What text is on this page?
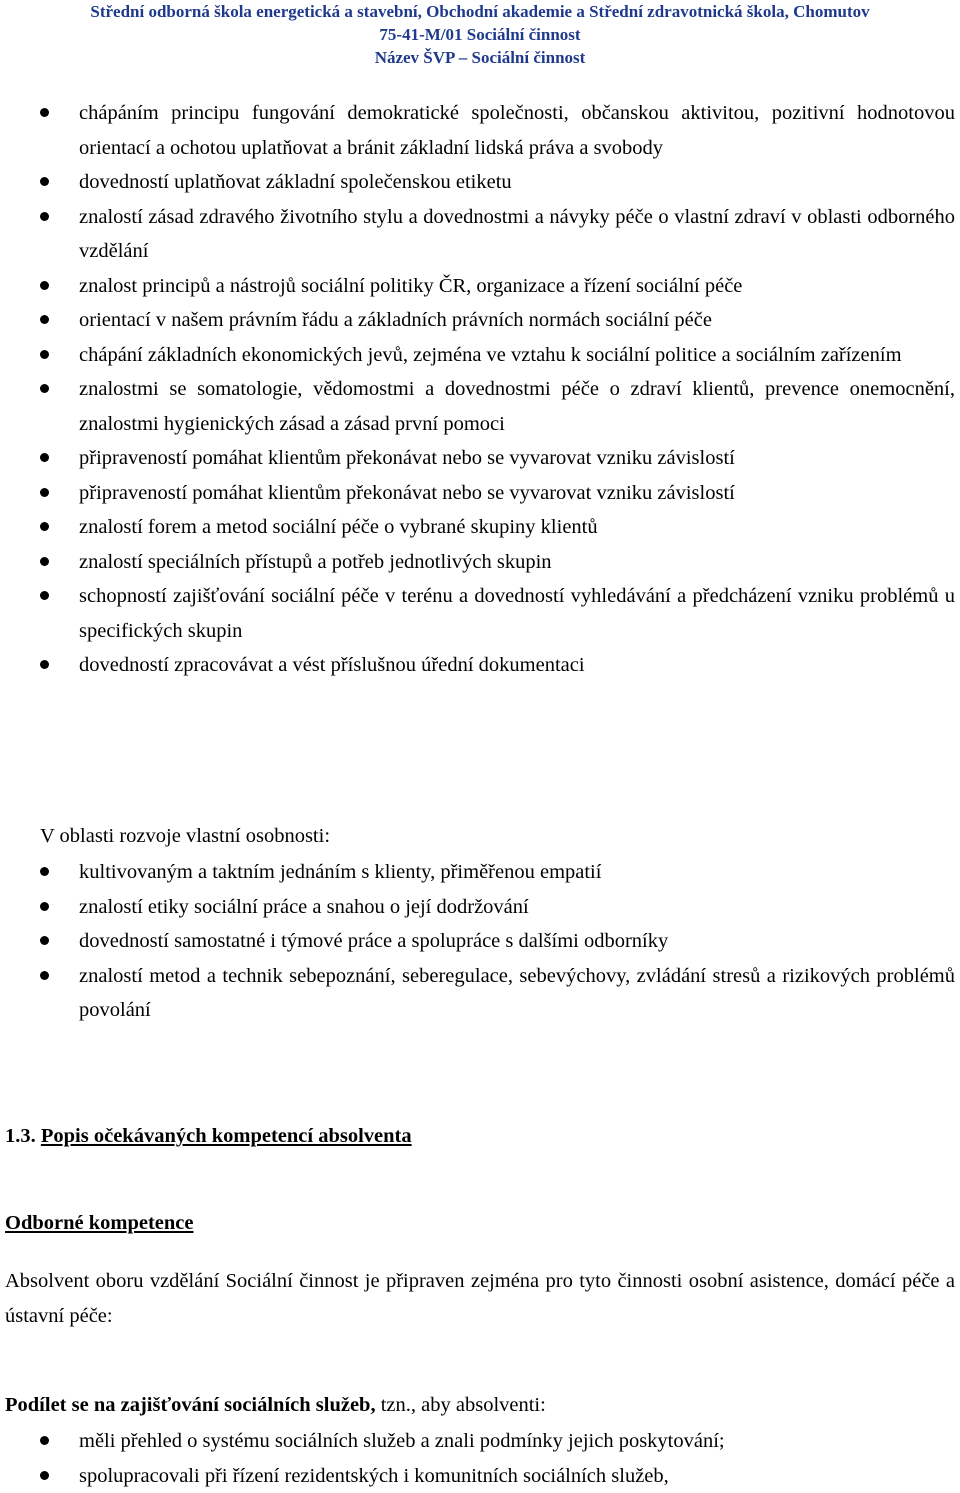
Střední odborná škola energetická a stavební, Obchodní akademie a Střední zdravotnická škola, Chomutov
75-41-M/01 Sociální činnost
Název ŠVP – Sociální činnost
chápáním principu fungování demokratické společnosti, občanskou aktivitou, pozitivní hodnotovou orientací a ochotou uplatňovat a bránit základní lidská práva a svobody
dovedností uplatňovat základní společenskou etiketu
znalostí zásad zdravého životního stylu a dovednostmi a návyky péče o vlastní zdraví v oblasti odborného vzdělání
znalost principů a nástrojů sociální politiky ČR, organizace a řízení sociální péče
orientací v našem právním řádu a základních právních normách sociální péče
chápání základních ekonomických jevů, zejména ve vztahu k sociální politice a sociálním zařízením
znalostmi se somatologie, vědomostmi a dovednostmi péče o zdraví klientů, prevence onemocnění, znalostmi hygienických zásad a zásad první pomoci
připraveností pomáhat klientům překonávat nebo se vyvarovat vzniku závislostí
připraveností pomáhat klientům překonávat nebo se vyvarovat vzniku závislostí
znalostí forem a metod sociální péče o vybrané skupiny klientů
znalostí speciálních přístupů a potřeb jednotlivých skupin
schopností zajišťování sociální péče v terénu a dovedností vyhledávání a předcházení vzniku problémů u specifických skupin
dovedností zpracovávat a vést příslušnou úřední dokumentaci
V oblasti rozvoje vlastní osobnosti:
kultivovaným a taktním jednáním s klienty, přiměřenou empatií
znalostí etiky sociální práce a snahou o její dodržování
dovedností samostatné i týmové práce a spolupráce s dalšími odborníky
znalostí metod a technik sebepoznání, seberegulace, sebevýchovy, zvládání stresů a rizikových problémů povolání
1.3. Popis očekávaných kompetencí absolventa
Odborné kompetence
Absolvent oboru vzdělání Sociální činnost je připraven zejména pro tyto činnosti osobní asistence, domácí péče a ústavní péče:
Podílet se na zajišťování sociálních služeb, tzn., aby absolventi:
měli přehled o systému sociálních služeb a znali podmínky jejich poskytování;
spolupracovali při řízení rezidentských i komunitních sociálních služeb,
